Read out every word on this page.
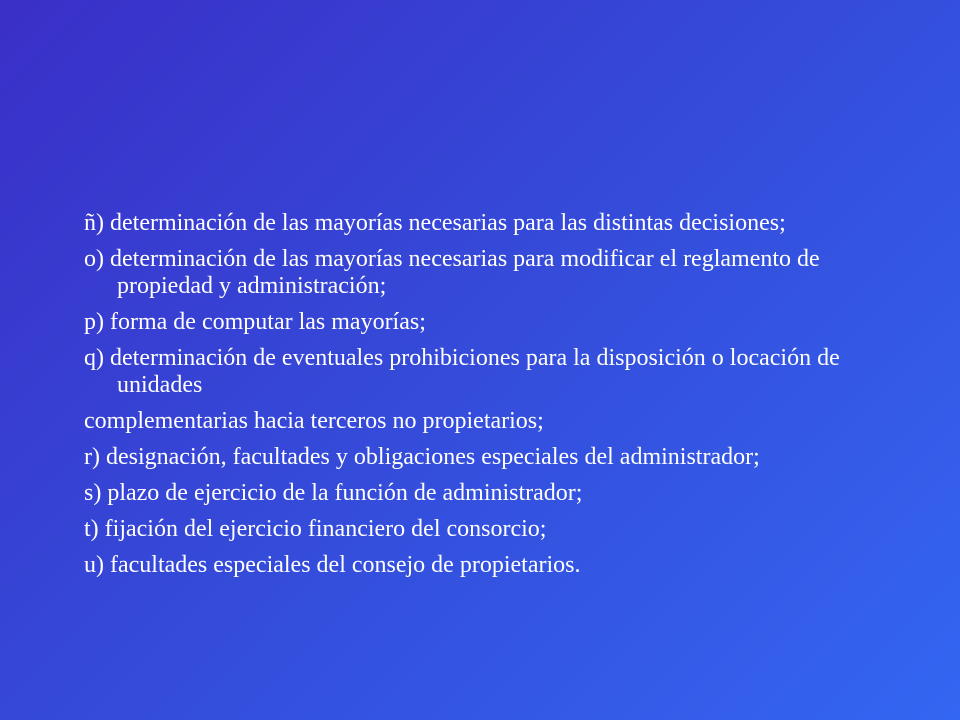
ñ) determinación de las mayorías necesarias para las distintas decisiones;
o) determinación de las mayorías necesarias para modificar el reglamento de propiedad y administración;
p) forma de computar las mayorías;
q) determinación de eventuales prohibiciones para la disposición o locación de unidades
complementarias hacia terceros no propietarios;
r) designación, facultades y obligaciones especiales del administrador;
s) plazo de ejercicio de la función de administrador;
t) fijación del ejercicio financiero del consorcio;
u) facultades especiales del consejo de propietarios.
